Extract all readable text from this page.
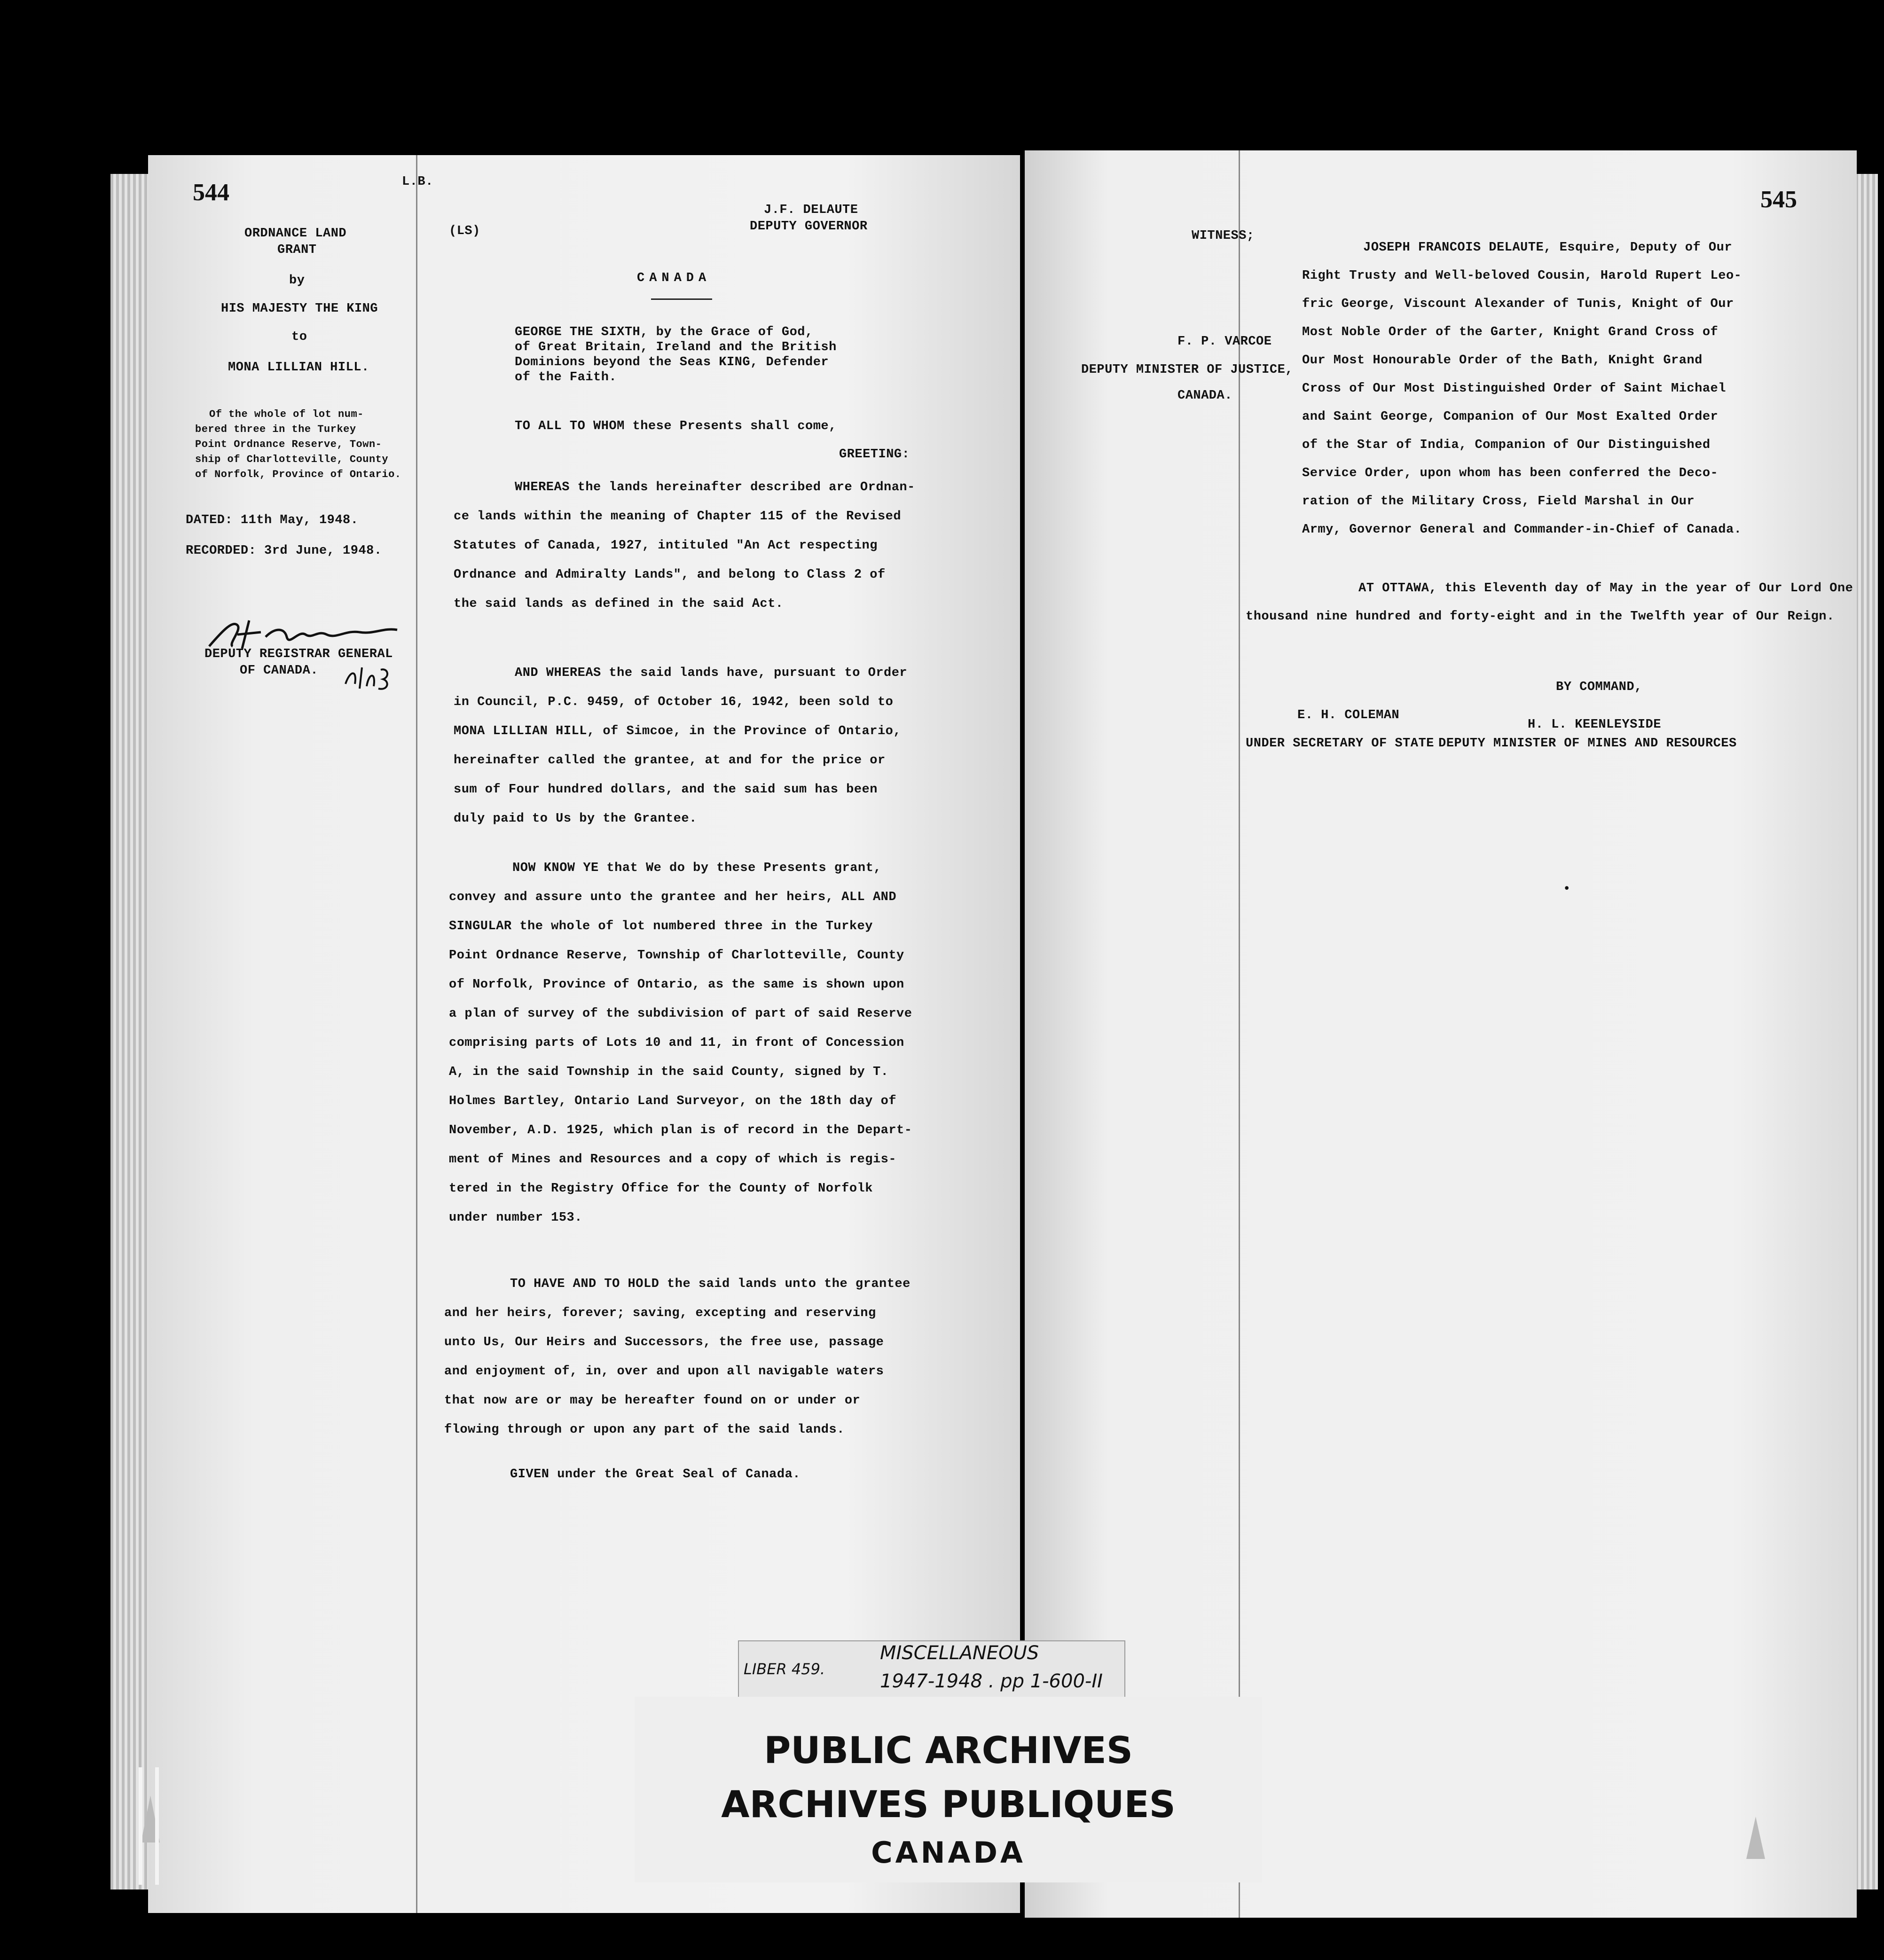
544	L.B.
ORDNANCE LAND
GRANT
by
HIS MAJESTY THE KING
to
MONA LILLIAN HILL.
Of the whole of lot num-
bered three in the Turkey
Point Ordnance Reserve, Town-
ship of Charlotteville, County
of Norfolk, Province of Ontario.
DATED: 11th May, 1948.
RECORDED: 3rd June, 1948.
DEPUTY REGISTRAR GENERAL
OF CANADA.
(LS)
J.F. DELAUTE
DEPUTY GOVERNOR
CANADA
GEORGE THE SIXTH, by the Grace of God,
of Great Britain, Ireland and the British
Dominions beyond the Seas KING, Defender
of the Faith.
TO ALL TO WHOM these Presents shall come,
GREETING:
WHEREAS the lands hereinafter described are Ordnan-
ce lands within the meaning of Chapter 115 of the Revised
Statutes of Canada, 1927, intituled "An Act respecting
Ordnance and Admiralty Lands", and belong to Class 2 of
the said lands as defined in the said Act.
AND WHEREAS the said lands have, pursuant to Order
in Council, P.C. 9459, of October 16, 1942, been sold to
MONA LILLIAN HILL, of Simcoe, in the Province of Ontario,
hereinafter called the grantee, at and for the price or
sum of Four hundred dollars, and the said sum has been
duly paid to Us by the Grantee.
NOW KNOW YE that We do by these Presents grant,
convey and assure unto the grantee and her heirs, ALL AND
SINGULAR the whole of lot numbered three in the Turkey
Point Ordnance Reserve, Township of Charlotteville, County
of Norfolk, Province of Ontario, as the same is shown upon
a plan of survey of the subdivision of part of said Reserve
comprising parts of Lots 10 and 11, in front of Concession
A, in the said Township in the said County, signed by T.
Holmes Bartley, Ontario Land Surveyor, on the 18th day of
November, A.D. 1925, which plan is of record in the Depart-
ment of Mines and Resources and a copy of which is regis-
tered in the Registry Office for the County of Norfolk
under number 153.
TO HAVE AND TO HOLD the said lands unto the grantee
and her heirs, forever; saving, excepting and reserving
unto Us, Our Heirs and Successors, the free use, passage
and enjoyment of, in, over and upon all navigable waters
that now are or may be hereafter found on or under or
flowing through or upon any part of the said lands.
GIVEN under the Great Seal of Canada.
545
WITNESS;
F. P. VARCOE
DEPUTY MINISTER OF JUSTICE,
CANADA.
JOSEPH FRANCOIS DELAUTE, Esquire, Deputy of Our
Right Trusty and Well-beloved Cousin, Harold Rupert Leo-
fric George, Viscount Alexander of Tunis, Knight of Our
Most Noble Order of the Garter, Knight Grand Cross of
Our Most Honourable Order of the Bath, Knight Grand
Cross of Our Most Distinguished Order of Saint Michael
and Saint George, Companion of Our Most Exalted Order
of the Star of India, Companion of Our Distinguished
Service Order, upon whom has been conferred the Deco-
ration of the Military Cross, Field Marshal in Our
Army, Governor General and Commander-in-Chief of Canada.
AT OTTAWA, this Eleventh day of May in the year of Our Lord One
thousand nine hundred and forty-eight and in the Twelfth year of Our Reign.
BY COMMAND,
E. H. COLEMAN
UNDER SECRETARY OF STATE
H. L. KEENLEYSIDE
DEPUTY MINISTER OF MINES AND RESOURCES
•
LIBER 459.
MISCELLANEOUS
1947-1948 . pp 1-600-II
PUBLIC ARCHIVES
ARCHIVES PUBLIQUES
CANADA
